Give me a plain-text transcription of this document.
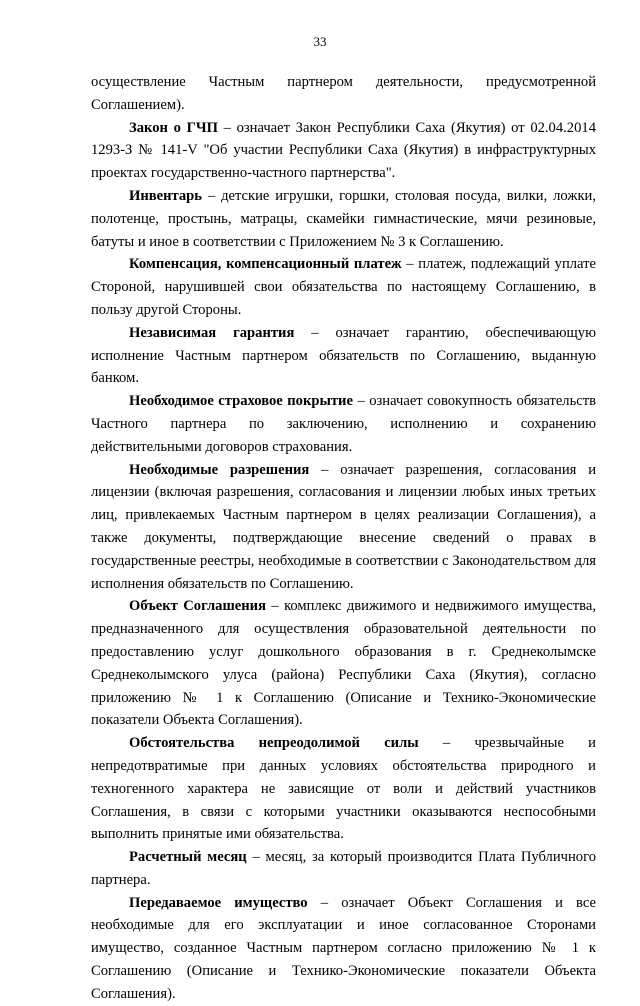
33

осуществление Частным партнером деятельности, предусмотренной Соглашением).

Закон о ГЧП – означает Закон Республики Саха (Якутия) от 02.04.2014 1293-З № 141-V "Об участии Республики Саха (Якутия) в инфраструктурных проектах государственно-частного партнерства".

Инвентарь – детские игрушки, горшки, столовая посуда, вилки, ложки, полотенце, простынь, матрацы, скамейки гимнастические, мячи резиновые, батуты и иное в соответствии с Приложением № 3 к Соглашению.

Компенсация, компенсационный платеж – платеж, подлежащий уплате Стороной, нарушившей свои обязательства по настоящему Соглашению, в пользу другой Стороны.

Независимая гарантия – означает гарантию, обеспечивающую исполнение Частным партнером обязательств по Соглашению, выданную банком.

Необходимое страховое покрытие – означает совокупность обязательств Частного партнера по заключению, исполнению и сохранению действительными договоров страхования.

Необходимые разрешения – означает разрешения, согласования и лицензии (включая разрешения, согласования и лицензии любых иных третьих лиц, привлекаемых Частным партнером в целях реализации Соглашения), а также документы, подтверждающие внесение сведений о правах в государственные реестры, необходимые в соответствии с Законодательством для исполнения обязательств по Соглашению.

Объект Соглашения – комплекс движимого и недвижимого имущества, предназначенного для осуществления образовательной деятельности по предоставлению услуг дошкольного образования в г. Среднеколымске Среднеколымского улуса (района) Республики Саха (Якутия), согласно приложению № 1 к Соглашению (Описание и Технико-Экономические показатели Объекта Соглашения).

Обстоятельства непреодолимой силы – чрезвычайные и непредотвратимые при данных условиях обстоятельства природного и техногенного характера не зависящие от воли и действий участников Соглашения, в связи с которыми участники оказываются неспособными выполнить принятые ими обязательства.

Расчетный месяц – месяц, за который производится Плата Публичного партнера.

Передаваемое имущество – означает Объект Соглашения и все необходимые для его эксплуатации и иное согласованное Сторонами имущество, созданное Частным партнером согласно приложению № 1 к Соглашению (Описание и Технико-Экономические показатели Объекта Соглашения).
